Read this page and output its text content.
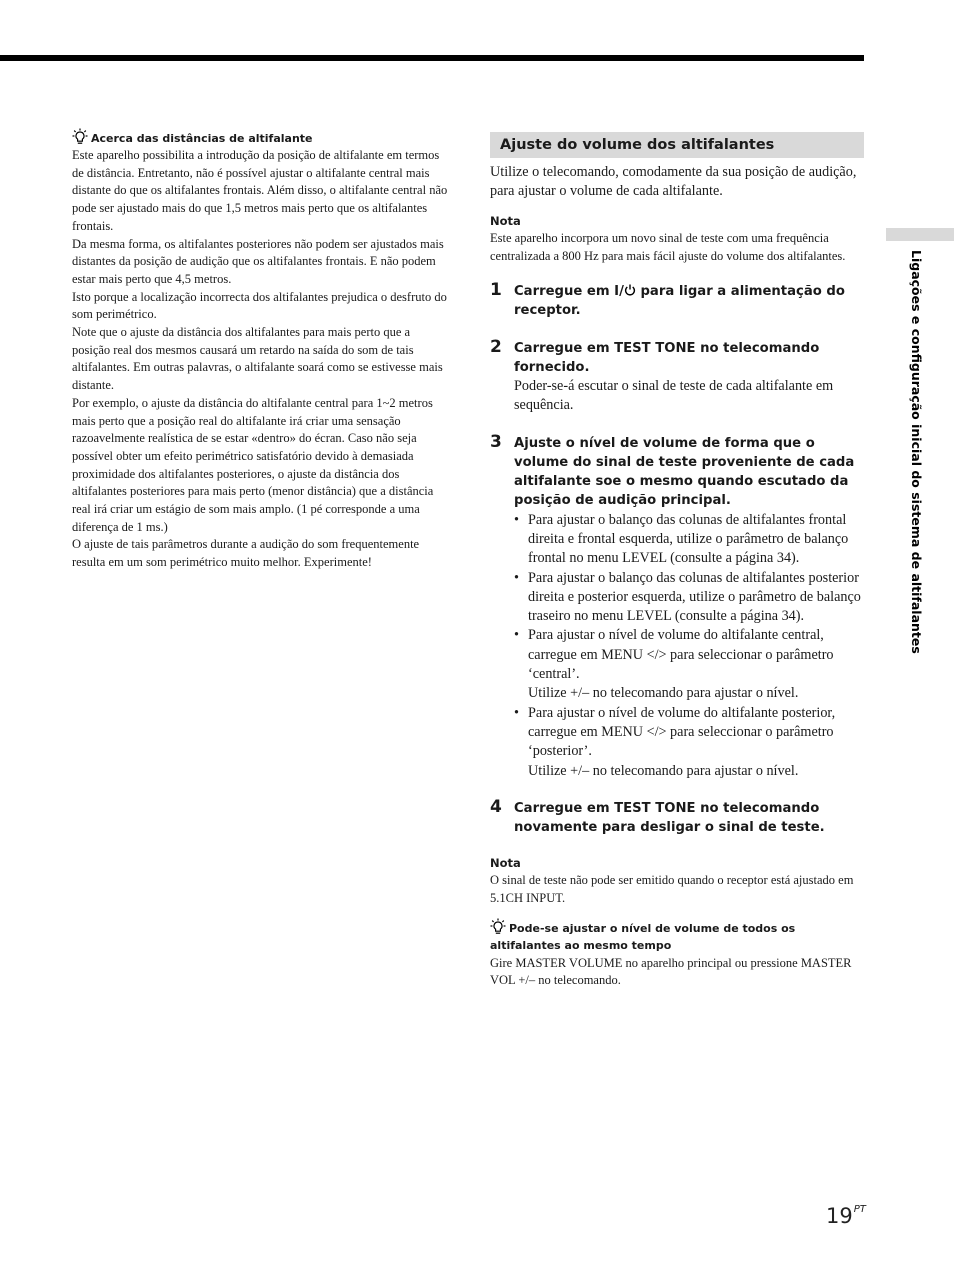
Ligações e configuração inicial do sistema de altifalantes
Acerca das distâncias de altifalante

Este aparelho possibilita a introdução da posição de altifalante em termos de distância. Entretanto, não é possível ajustar o altifalante central mais distante do que os altifalantes frontais. Além disso, o altifalante central não pode ser ajustado mais do que 1,5 metros mais perto que os altifalantes frontais.

Da mesma forma, os altifalantes posteriores não podem ser ajustados mais distantes da posição de audição que os altifalantes frontais. E não podem estar mais perto que 4,5 metros.

Isto porque a localização incorrecta dos altifalantes prejudica o desfruto do som perimétrico.

Note que o ajuste da distância dos altifalantes para mais perto que a posição real dos mesmos causará um retardo na saída do som de tais altifalantes. Em outras palavras, o altifalante soará como se estivesse mais distante.

Por exemplo, o ajuste da distância do altifalante central para 1~2 metros mais perto que a posição real do altifalante irá criar uma sensação razoavelmente realística de se estar «dentro» do écran. Caso não seja possível obter um efeito perimétrico satisfatório devido à demasiada proximidade dos altifalantes posteriores, o ajuste da distância dos altifalantes posteriores para mais perto (menor distância) que a distância real irá criar um estágio de som mais amplo. (1 pé corresponde a uma diferença de 1 ms.)

O ajuste de tais parâmetros durante a audição do som frequentemente resulta em um som perimétrico muito melhor. Experimente!

Ajuste do volume dos altifalantes

Utilize o telecomando, comodamente da sua posição de audição, para ajustar o volume de cada altifalante.

Nota

Este aparelho incorpora um novo sinal de teste com uma frequência centralizada a 800 Hz para mais fácil ajuste do volume dos altifalantes.

1 Carregue em I/ para ligar a alimentação do receptor.
2 Carregue em TEST TONE no telecomando fornecido.
Poder-se-á escutar o sinal de teste de cada altifalante em sequência.
3 Ajuste o nível de volume de forma que o volume do sinal de teste proveniente de cada altifalante soe o mesmo quando escutado da posição de audição principal.
• Para ajustar o balanço das colunas de altifalantes frontal direita e frontal esquerda, utilize o parâmetro de balanço frontal no menu LEVEL (consulte a página 34).
• Para ajustar o balanço das colunas de altifalantes posterior direita e posterior esquerda, utilize o parâmetro de balanço traseiro no menu LEVEL (consulte a página 34).
• Para ajustar o nível de volume do altifalante central, carregue em MENU </> para seleccionar o parâmetro ‘central’.
Utilize +/– no telecomando para ajustar o nível.
• Para ajustar o nível de volume do altifalante posterior, carregue em MENU </> para seleccionar o parâmetro ‘posterior’.
Utilize +/– no telecomando para ajustar o nível.
4 Carregue em TEST TONE no telecomando novamente para desligar o sinal de teste.
Nota

O sinal de teste não pode ser emitido quando o receptor está ajustado em 5.1CH INPUT.

Pode-se ajustar o nível de volume de todos os altifalantes ao mesmo tempo

Gire MASTER VOLUME no aparelho principal ou pressione MASTER VOL +/– no telecomando.

$19^{PT}$
